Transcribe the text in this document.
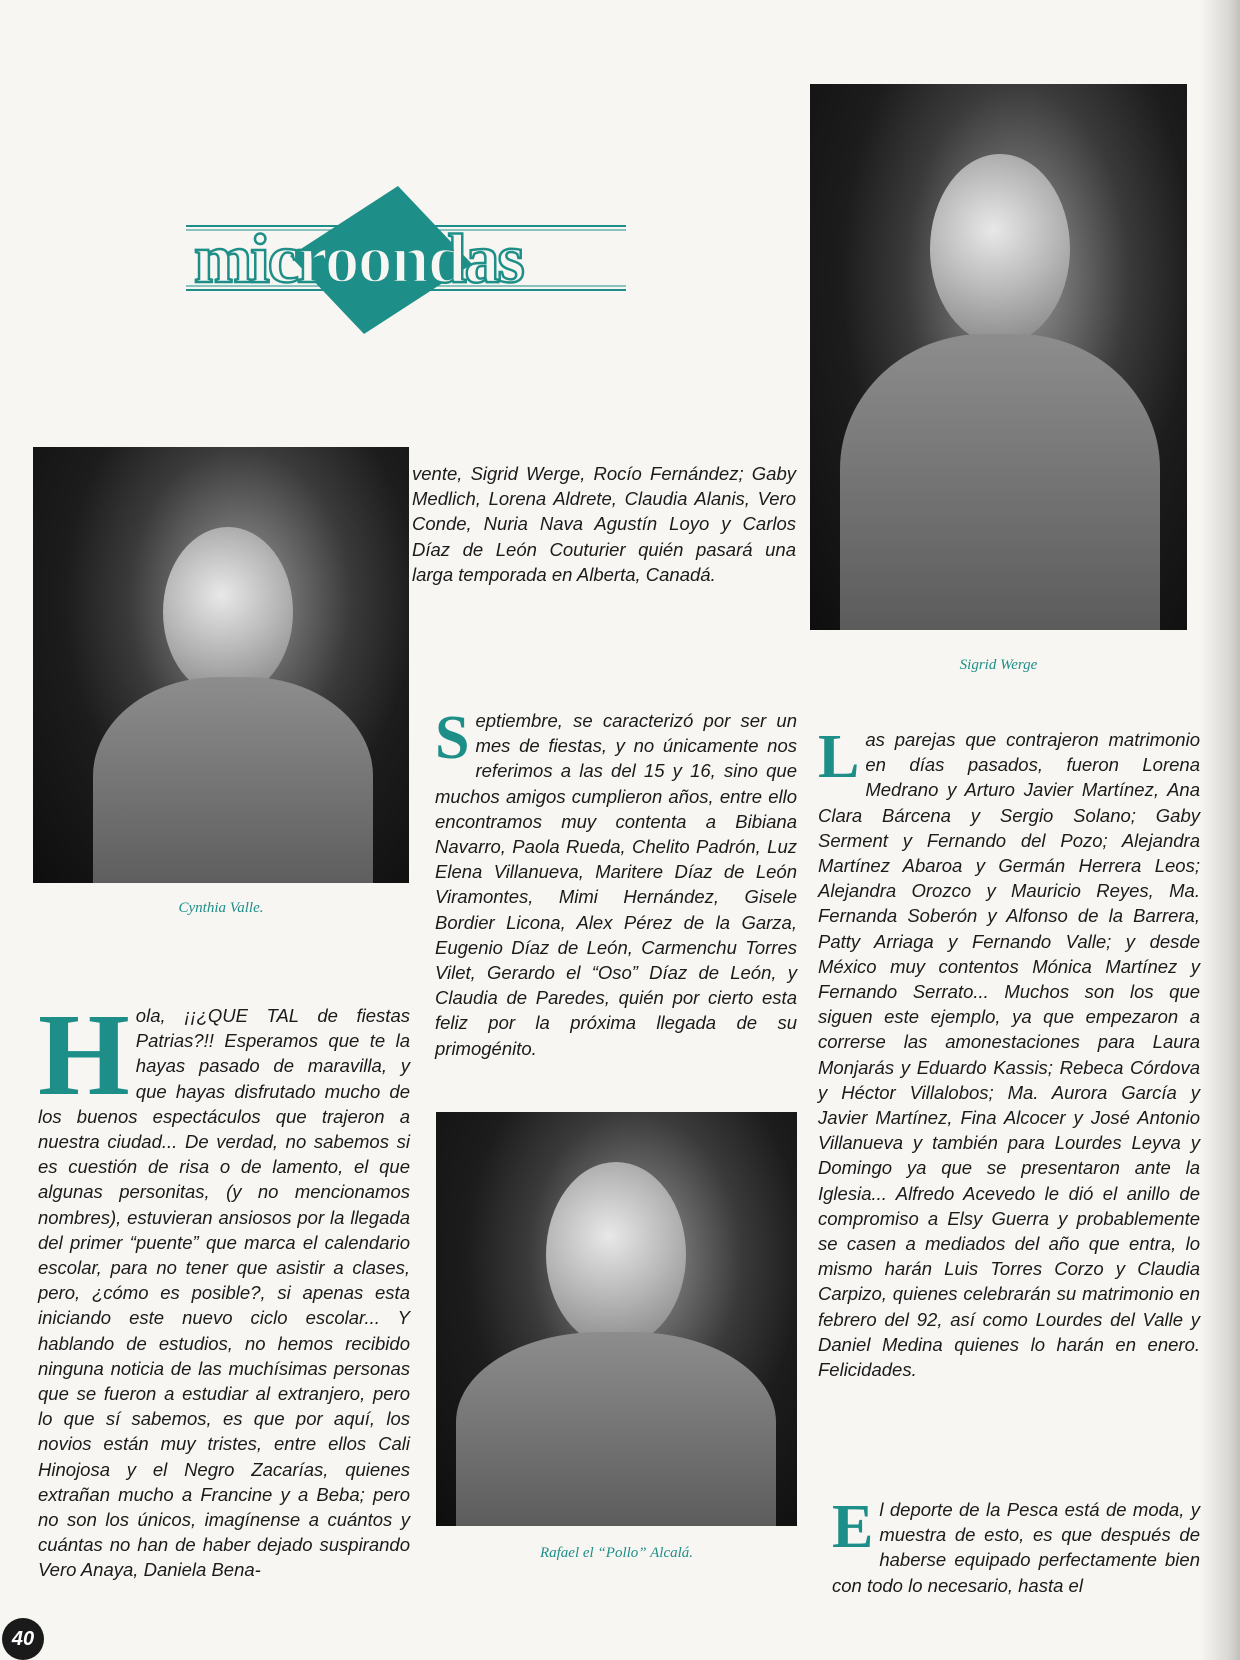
microondas
Cynthia Valle.
Sigrid Werge
Rafael el “Pollo” Alcalá.

Hola, ¡¡¿QUE TAL de fiestas Patrias?!! Esperamos que te la hayas pasado de maravilla, y que hayas disfrutado mucho de los buenos espectáculos que trajeron a nuestra ciudad... De verdad, no sabemos si es cuestión de risa o de lamento, el que algunas personitas, (y no mencionamos nombres), estuvieran ansiosos por la llegada del primer “puente” que marca el calendario escolar, para no tener que asistir a clases, pero, ¿cómo es posible?, si apenas esta iniciando este nuevo ciclo escolar... Y hablando de estudios, no hemos recibido ninguna noticia de las muchísimas personas que se fueron a estudiar al extranjero, pero lo que sí sabemos, es que por aquí, los novios están muy tristes, entre ellos Cali Hinojosa y el Negro Zacarías, quienes extrañan mucho a Francine y a Beba; pero no son los únicos, imagínense a cuántos y cuántas no han de haber dejado suspirando Vero Anaya, Daniela Bena-

vente, Sigrid Werge, Rocío Fernández; Gaby Medlich, Lorena Aldrete, Claudia Alanis, Vero Conde, Nuria Nava Agustín Loyo y Carlos Díaz de León Couturier quién pasará una larga temporada en Alberta, Canadá.

Septiembre, se caracterizó por ser un mes de fiestas, y no únicamente nos referimos a las del 15 y 16, sino que muchos amigos cumplieron años, entre ello encontramos muy contenta a Bibiana Navarro, Paola Rueda, Chelito Padrón, Luz Elena Villanueva, Maritere Díaz de León Viramontes, Mimi Hernández, Gisele Bordier Licona, Alex Pérez de la Garza, Eugenio Díaz de León, Carmenchu Torres Vilet, Gerardo el “Oso” Díaz de León, y Claudia de Paredes, quién por cierto esta feliz por la próxima llegada de su primogénito.

Las parejas que contrajeron matrimonio en días pasados, fueron Lorena Medrano y Arturo Javier Martínez, Ana Clara Bárcena y Sergio Solano; Gaby Serment y Fernando del Pozo; Alejandra Martínez Abaroa y Germán Herrera Leos; Alejandra Orozco y Mauricio Reyes, Ma. Fernanda Soberón y Alfonso de la Barrera, Patty Arriaga y Fernando Valle; y desde México muy contentos Mónica Martínez y Fernando Serrato... Muchos son los que siguen este ejemplo, ya que empezaron a correrse las amonestaciones para Laura Monjarás y Eduardo Kassis; Rebeca Córdova y Héctor Villalobos; Ma. Aurora García y Javier Martínez, Fina Alcocer y José Antonio Villanueva y también para Lourdes Leyva y Domingo ya que se presentaron ante la Iglesia... Alfredo Acevedo le dió el anillo de compromiso a Elsy Guerra y probablemente se casen a mediados del año que entra, lo mismo harán Luis Torres Corzo y Claudia Carpizo, quienes celebrarán su matrimonio en febrero del 92, así como Lourdes del Valle y Daniel Medina quienes lo harán en enero. Felicidades.

El deporte de la Pesca está de moda, y muestra de esto, es que después de haberse equipado perfectamente bien con todo lo necesario, hasta el

40
